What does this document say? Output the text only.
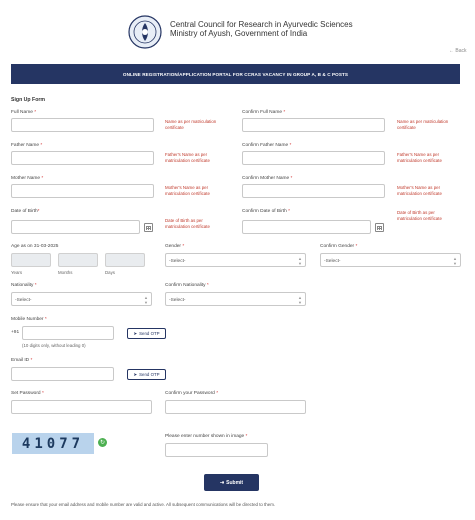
Central Council for Research in Ayurvedic Sciences
Ministry of Ayush, Government of India
← Back
ONLINE REGISTRATION/APPLICATION PORTAL FOR CCRAS VACANCY IN GROUP A, B & C POSTS
Sign Up Form
Full Name *
Name as per matriculation
certificate
Confirm Full Name *
Name as per matriculation
certificate
Father Name *
Father's Name as per
matriculation certificate
Confirm Father Name *
Father's Name as per
matriculation certificate
Mother Name *
Mother's Name as per
matriculation certificate
Confirm Mother Name *
Mother's Name as per
matriculation certificate
Date of Birth*
Date of Birth as per
matriculation certificate
Confirm Date of Birth *	Date of Birth as per
matriculation certificate
Age as on 31-03-2025
Years	Months	Days
Gender *
-Select-
▲
▼
Confirm Gender *
-Select-
▲
▼
Nationality *
-Select-
▲
▼
Confirm Nationality *
-Select-
▲
▼
Mobile Number *
+91
(10 digits only, without leading 0)
➤ Send OTP
Email ID *
➤ Send OTP
Set Password *	Confirm your Password *
41077	↻
Please enter number shown in image *
⇥ Submit
Please ensure that your email address and mobile number are valid and active. All subsequent communications will be directed to them.
